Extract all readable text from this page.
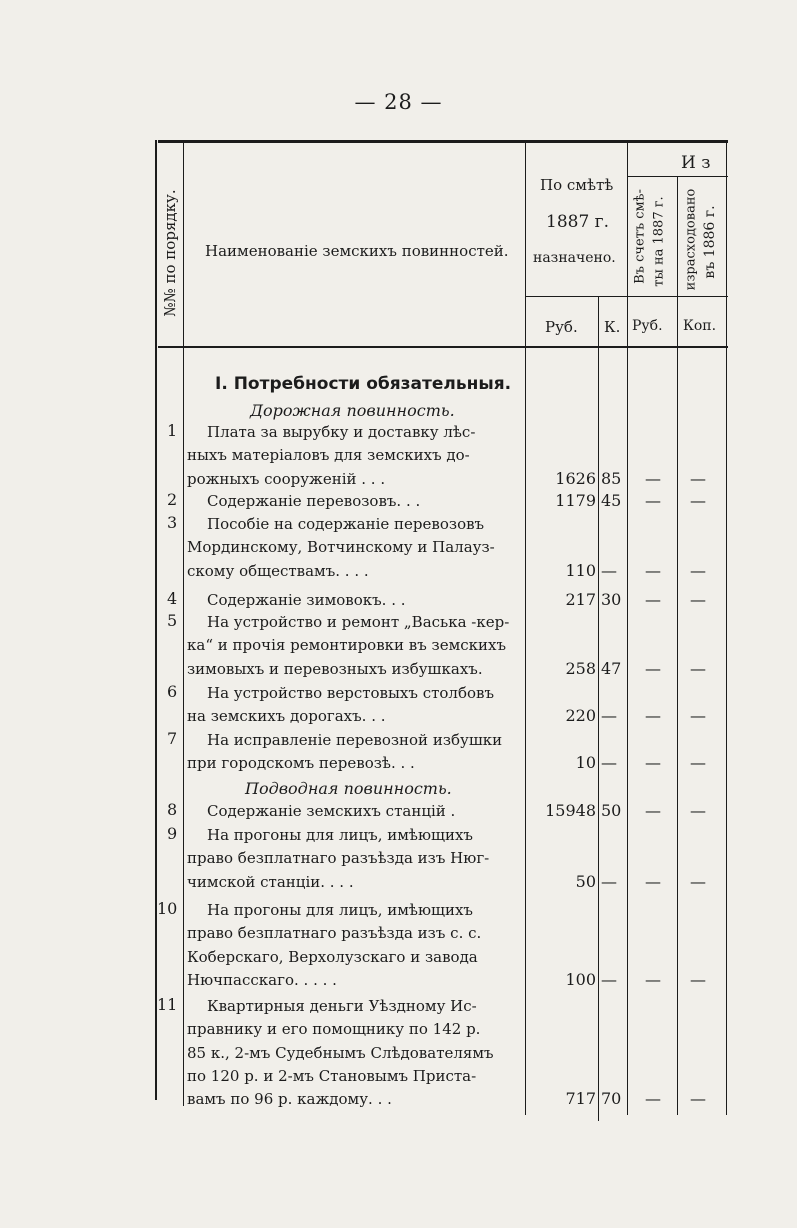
— 28 —
№№ по порядку. Наименованіе земскихъ повинностей.
По смѣтѣ
1887 г.
назначено.
И з
Въ счетъ смѣ- ты на 1887 г. израсходовано въ 1886 г.
Руб. К. Руб. Коп.
I. Потребности обязательныя.
Дорожная повинность.
Подводная повинность.
1 Плата за вырубку и доставку лѣс-
ныхъ матеріаловъ для земскихъ до-
рожныхъ сооруженій . . .	1626 85	—	—
2 Содержаніе перевозовъ. . .	1179 45	—	—
3 Пособіе на содержаніе перевозовъ
Мординскому, Вотчинскому и Палауз-
скому обществамъ. . . .	110 —	—	—
4 Содержаніе зимовокъ. . .	217 30	—	—
5 На устройство и ремонт „Васька -кер-
ка“ и прочія ремонтировки въ земскихъ
зимовыхъ и перевозныхъ избушкахъ.	258 47	—	—
6 На устройство верстовыхъ столбовъ
на земскихъ дорогахъ. . .	220 —	—	—
7 На исправленіе перевозной избушки
при городскомъ перевозѣ. . .	10 —	—	—
8 Содержаніе земскихъ станцій .	15948 50	—	—
9 На прогоны для лицъ, имѣющихъ
право безплатнаго разъѣзда изъ Нюг-
чимской станціи. . . .	50 —	—	—
10 На прогоны для лицъ, имѣющихъ
право безплатнаго разъѣзда изъ с. с.
Коберскаго, Верхолузскаго и завода
Нючпасскаго. . . . .	100 —	—	—
11 Квартирныя деньги Уѣздному Ис-
правнику и его помощнику по 142 р.
85 к., 2-мъ Судебнымъ Слѣдователямъ
по 120 р. и 2-мъ Становымъ Приста-
вамъ по 96 р. каждому. . .	717 70	—	—
